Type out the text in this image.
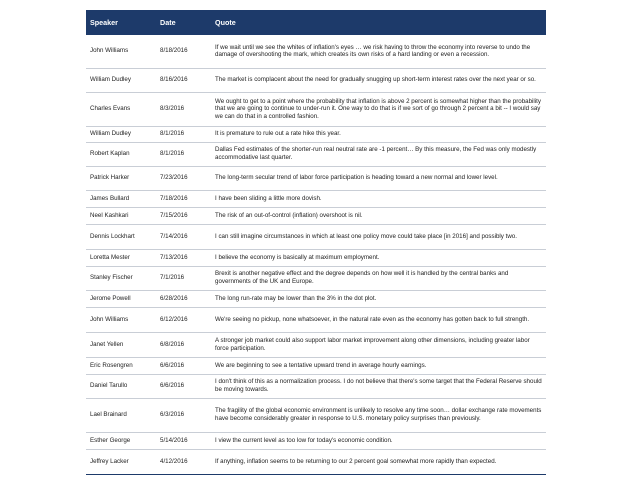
Speaker	Date	Quote
John Williams	8/18/2016	If we wait until we see the whites of inflation's eyes … we risk having to throw the economy into reverse to undo the damage of overshooting the mark, which creates its own risks of a hard landing or even a recession.
William Dudley	8/16/2016	The market is complacent about the need for gradually snugging up short-term interest rates over the next year or so.
Charles Evans	8/3/2016	We ought to get to a point where the probability that inflation is above 2 percent is somewhat higher than the probability that we are going to continue to under-run it. One way to do that is if we sort of go through 2 percent a bit -- I would say we can do that in a controlled fashion.
William Dudley	8/1/2016	It is premature to rule out a rate hike this year.
Robert Kaplan	8/1/2016	Dallas Fed estimates of the shorter-run real neutral rate are -1 percent… By this measure, the Fed was only modestly accommodative last quarter.
Patrick Harker	7/23/2016	The long-term secular trend of labor force participation is heading toward a new normal and lower level.
James Bullard	7/18/2016	I have been sliding a little more dovish.
Neel Kashkari	7/15/2016	The risk of an out-of-control (inflation) overshoot is nil.
Dennis Lockhart	7/14/2016	I can still imagine circumstances in which at least one policy move could take place [in 2016] and possibly two.
Loretta Mester	7/13/2016	I believe the economy is basically at maximum employment.
Stanley Fischer	7/1/2016	Brexit is another negative effect and the degree depends on how well it is handled by the central banks and governments of the UK and Europe.
Jerome Powell	6/28/2016	The long run-rate may be lower than the 3% in the dot plot.
John Williams	6/12/2016	We're seeing no pickup, none whatsoever, in the natural rate even as the economy has gotten back to full strength.
Janet Yellen	6/8/2016	A stronger job market could also support labor market improvement along other dimensions, including greater labor force participation.
Eric Rosengren	6/6/2016	We are beginning to see a tentative upward trend in average hourly earnings.
Daniel Tarullo	6/6/2016	I don't think of this as a normalization process. I do not believe that there's some target that the Federal Reserve should be moving towards.
Lael Brainard	6/3/2016	The fragility of the global economic environment is unlikely to resolve any time soon… dollar exchange rate movements have become considerably greater in response to U.S. monetary policy surprises than previously.
Esther George	5/14/2016	I view the current level as too low for today's economic condition.
Jeffrey Lacker	4/12/2016	If anything, inflation seems to be returning to our 2 percent goal somewhat more rapidly than expected.
